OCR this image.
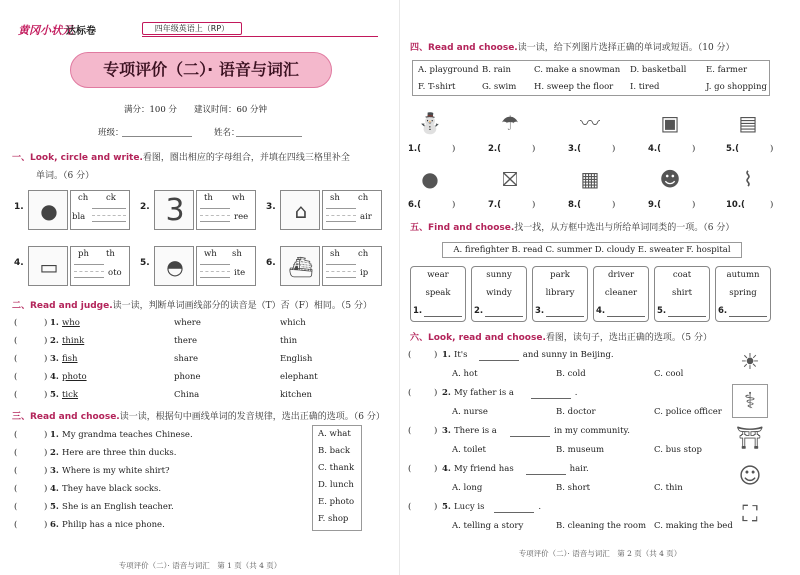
黄冈小状元
达标卷	四年级英语上（RP）
专项评价（二）· 语音与词汇
满分：100 分 建议时间：60 分钟
班级：	姓名：
一、Look, circle and write.看图，圈出相应的字母组合，并填在四线三格里补全
单词。（6 分）
二、Read and judge.读一读，判断单词画线部分的读音是（T）否（F）相同。（5 分）
三、Read and choose.读一读，根据句中画线单词的发音规律，选出正确的选项。（6 分）
专项评价（二）· 语音与词汇　第 1 页（共 4 页）
1. ●
ch ck
bla
2. 3	th wh
ree
3. ⌂
sh ch
air
4. ▭
ph th
oto
5. ◓
wh sh
ite
6. ⛴
sh ch
ip
(	) 1. who	where	which
(	) 2. think	there	thin
(	) 3. fish	share	English
(	) 4. photo	phone	elephant
(	) 5. tick	China	kitchen
(	) 1. My grandma teaches Chinese.
(	) 2. Here are three thin ducks.
(	) 3. Where is my white shirt?
(	) 4. They have black socks.
(	) 5. She is an English teacher.
(	) 6. Philip has a nice phone.
A. what
B. back
C. thank
D. lunch
E. photo
F. shop
四、Read and choose.读一读，给下列图片选择正确的单词或短语。（10 分）
五、Find and choose.找一找，从方框中选出与所给单词同类的一项。（6 分）
A. firefighter B. read C. summer D. cloudy E. sweater F. hospital
六、Look, read and choose.看图，读句子，选出正确的选项。（5 分）
专项评价（二）· 语音与词汇　第 2 页（共 4 页）
A. playground B. rain	C. make a snowman D. basketball E. farmer
F. T-shirt	G. swim H. sweep the floor I. tired	J. go shopping
⛄
1.(	)
☂
2.(	)
〰
3.(	)
▣
4.(	)
▤
5.(	)
●
6.(	)
⛝
7.(	)
▦
8.(	)
☻
9.(	)
⌇
10.(	)
wear
speak
1.
sunny
windy
2.
park
library
3.
driver
cleaner
4.
coat
shirt
5.
autumn
spring
6.
(	) 1. It's	and sunny in Beijing.
A. hot	B. cold	C. cool	☀
(	) 2. My father is a	.
A. nurse	B. doctor	C. police officer	⚕
(	) 3. There is a	in my community.
A. toilet	B. museum	C. bus stop ⛩
(	) 4. My friend has	hair.
A. long	B. short	C. thin	☺
(	) 5. Lucy is	.
A. telling a story	B. cleaning the room C. making the bed ⛶
